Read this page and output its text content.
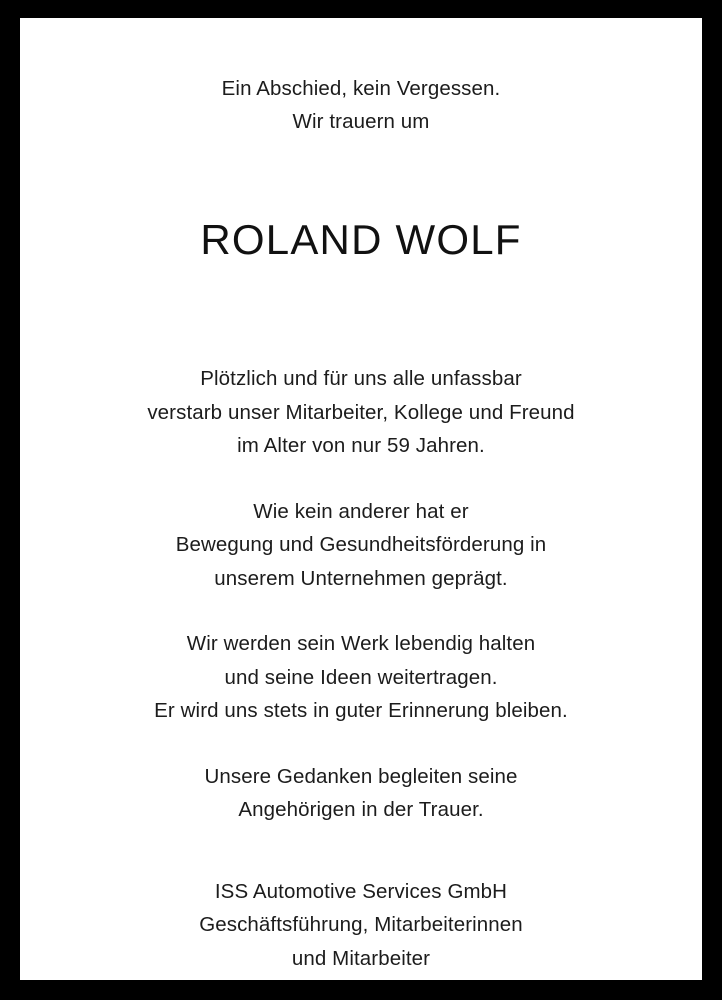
Ein Abschied, kein Vergessen.
Wir trauern um
ROLAND WOLF
Plötzlich und für uns alle unfassbar
verstarb unser Mitarbeiter, Kollege und Freund
im Alter von nur 59 Jahren.
Wie kein anderer hat er
Bewegung und Gesundheitsförderung in
unserem Unternehmen geprägt.
Wir werden sein Werk lebendig halten
und seine Ideen weitertragen.
Er wird uns stets in guter Erinnerung bleiben.
Unsere Gedanken begleiten seine
Angehörigen in der Trauer.
ISS Automotive Services GmbH
Geschäftsführung, Mitarbeiterinnen
und Mitarbeiter
